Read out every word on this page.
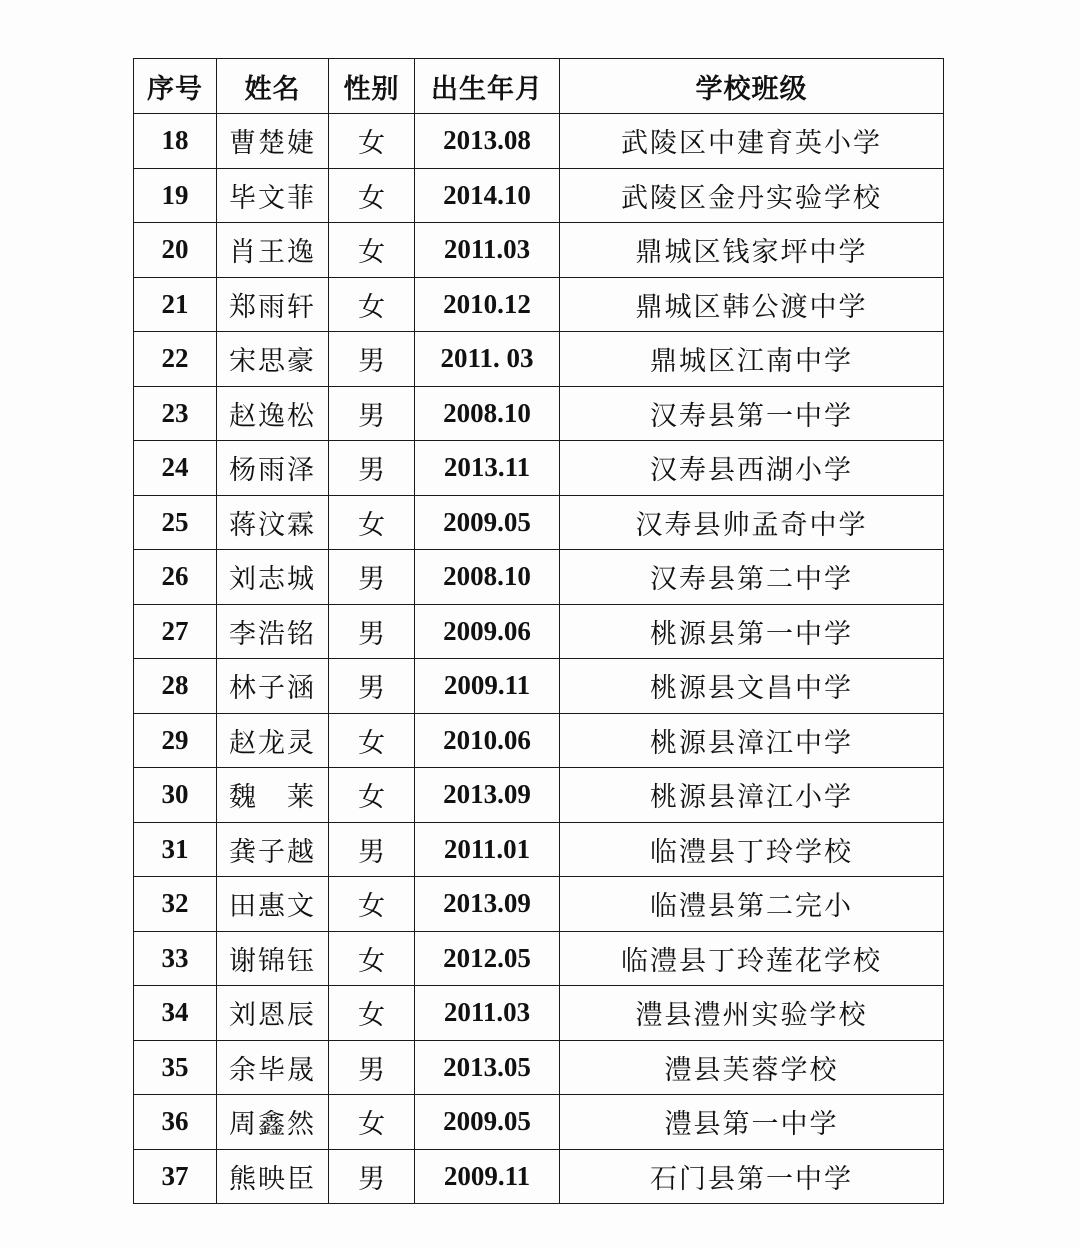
序号	姓名	性别	出生年月	学校班级
18	曹楚婕	女	2013.08	武陵区中建育英小学
19	毕文菲	女	2014.10	武陵区金丹实验学校
20	肖王逸	女	2011.03	鼎城区钱家坪中学
21	郑雨轩	女	2010.12	鼎城区韩公渡中学
22	宋思豪	男	2011. 03	鼎城区江南中学
23	赵逸松	男	2008.10	汉寿县第一中学
24	杨雨泽	男	2013.11	汉寿县西湖小学
25	蒋汶霖	女	2009.05	汉寿县帅孟奇中学
26	刘志城	男	2008.10	汉寿县第二中学
27	李浩铭	男	2009.06	桃源县第一中学
28	林子涵	男	2009.11	桃源县文昌中学
29	赵龙灵	女	2010.06	桃源县漳江中学
30	魏　莱	女	2013.09	桃源县漳江小学
31	龚子越	男	2011.01	临澧县丁玲学校
32	田惠文	女	2013.09	临澧县第二完小
33	谢锦钰	女	2012.05	临澧县丁玲莲花学校
34	刘恩辰	女	2011.03	澧县澧州实验学校
35	余毕晟	男	2013.05	澧县芙蓉学校
36	周鑫然	女	2009.05	澧县第一中学
37	熊映臣	男	2009.11	石门县第一中学
